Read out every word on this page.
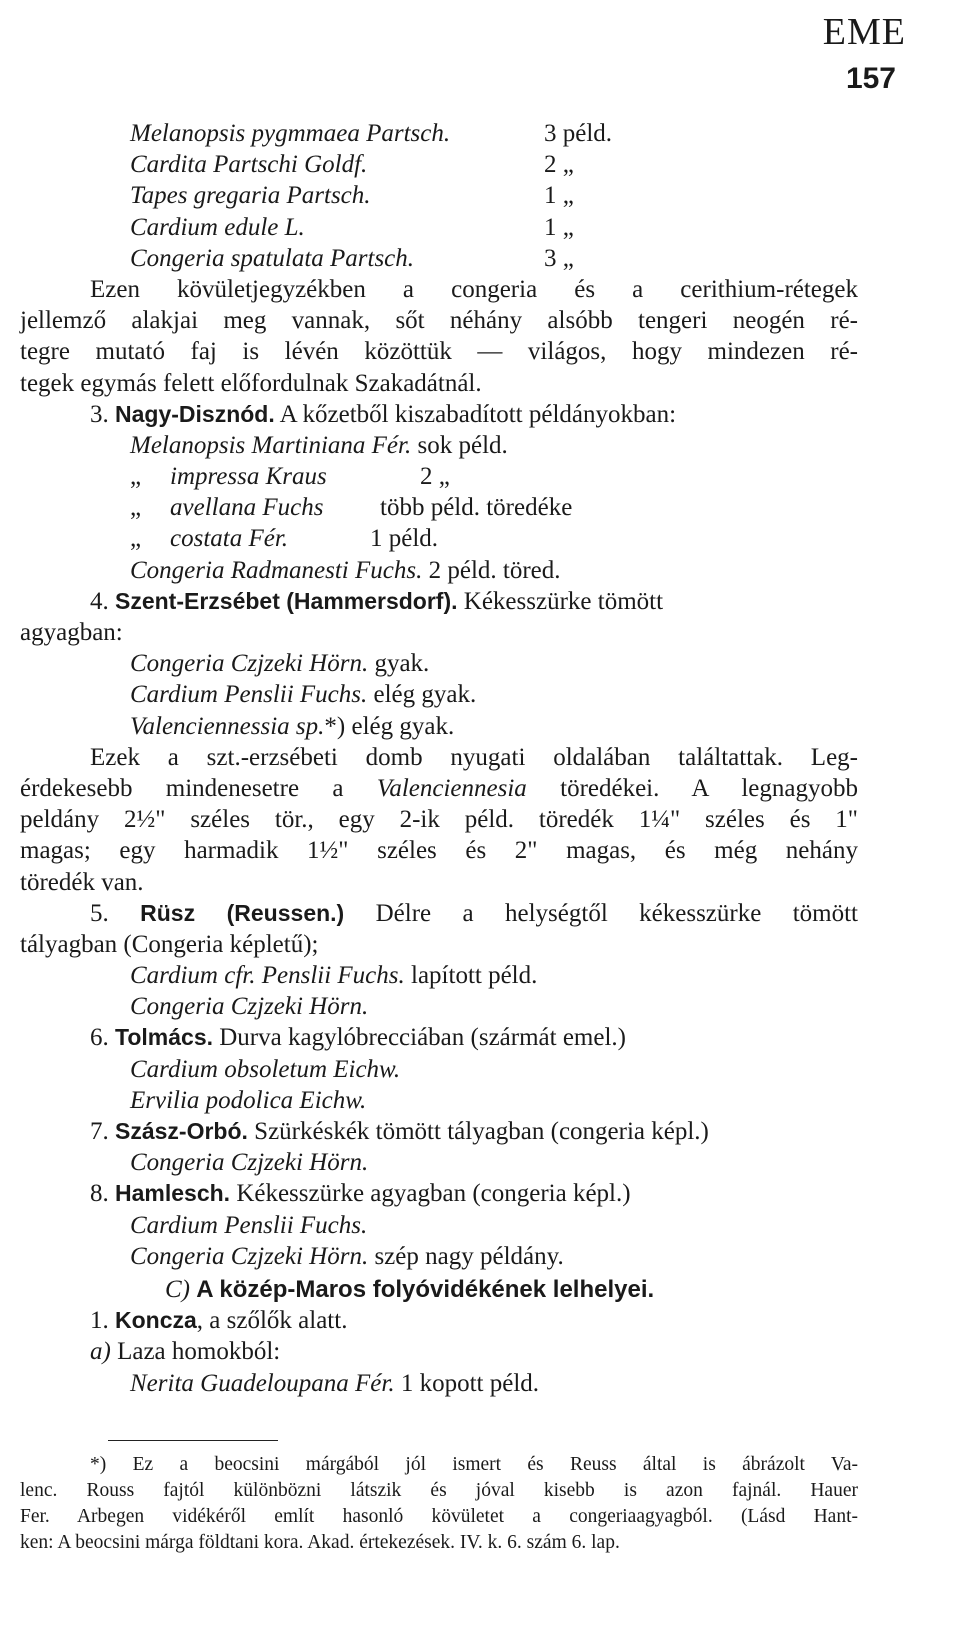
EME
157
Melanopsis pygmmaea Partsch.	3 péld.
Cardita Partschi Goldf.	2 „
Tapes gregaria Partsch.	1 „
Cardium edule L.	1 „
Congeria spatulata Partsch.	3 „
Ezen kövületjegyzékben a congeria és a cerithium-rétegek
jellemző alakjai meg vannak, sőt néhány alsóbb tengeri neogén ré-
tegre mutató faj is lévén közöttük — világos, hogy mindezen ré-
tegek egymás felett előfordulnak Szakadátnál.
3. Nagy-Disznód. A kőzetből kiszabadított példányokban:
Melanopsis Martiniana Fér. sok péld.
„impressa Kraus	2 „
„avellana Fuchs több péld. töredéke
„costata Fér.	1 péld.
Congeria Radmanesti Fuchs. 2 péld. töred.
4. Szent-Erzsébet (Hammersdorf). Kékesszürke tömött
agyagban:
Congeria Czjzeki Hörn. gyak.
Cardium Penslii Fuchs. elég gyak.
Valenciennessia sp.*) elég gyak.
Ezek a szt.-erzsébeti domb nyugati oldalában találtattak. Leg-
érdekesebb mindenesetre a Valenciennesia töredékei. A legnagyobb
peldány 2½" széles tör., egy 2-ik péld. töredék 1¼" széles és 1"
magas; egy harmadik 1½" széles és 2" magas, és még nehány
töredék van.
5. Rüsz (Reussen.) Délre a helységtől kékesszürke tömött
tályagban (Congeria képletű);
Cardium cfr. Penslii Fuchs. lapított péld.
Congeria Czjzeki Hörn.
6. Tolmács. Durva kagylóbrecciában (szármát emel.)
Cardium obsoletum Eichw.
Ervilia podolica Eichw.
7. Szász-Orbó. Szürkéskék tömött tályagban (congeria képl.)
Congeria Czjzeki Hörn.
8. Hamlesch. Kékesszürke agyagban (congeria képl.)
Cardium Penslii Fuchs.
Congeria Czjzeki Hörn. szép nagy példány.
C) A közép-Maros folyóvidékének lelhelyei.
1. Koncza, a szőlők alatt.
a) Laza homokból:
Nerita Guadeloupana Fér. 1 kopott péld.
*) Ez a beocsini márgából jól ismert és Reuss által is ábrázolt Va-
lenc. Rouss fajtól különbözni látszik és jóval kisebb is azon fajnál. Hauer
Fer. Arbegen vidékéről említ hasonló kövületet a congeriaagyagból. (Lásd Hant-
ken: A beocsini márga földtani kora. Akad. értekezések. IV. k. 6. szám 6. lap.
